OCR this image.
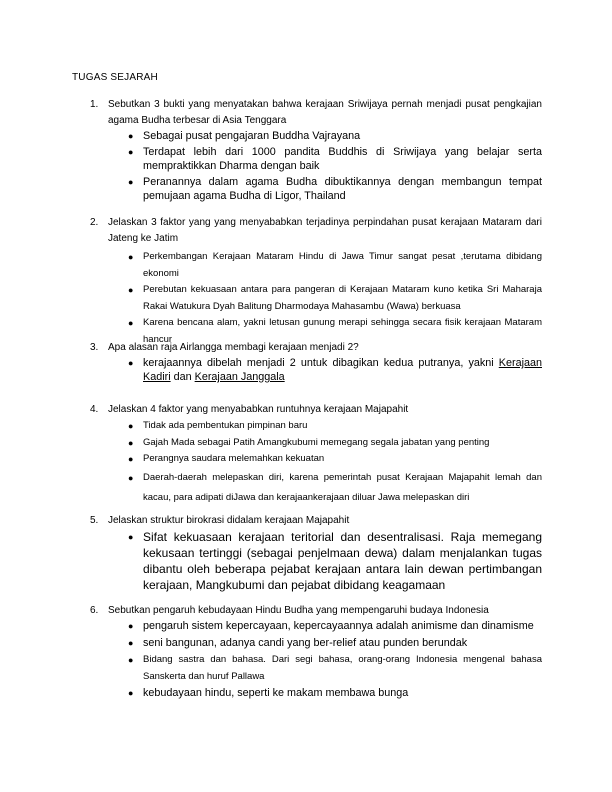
TUGAS SEJARAH
1. Sebutkan 3 bukti yang menyatakan bahwa kerajaan Sriwijaya pernah menjadi pusat pengkajian agama Budha terbesar di Asia Tenggara
● Sebagai pusat pengajaran Buddha Vajrayana
● Terdapat lebih dari 1000 pandita Buddhis di Sriwijaya yang belajar serta mempraktikkan Dharma dengan baik
● Peranannya dalam agama Budha dibuktikannya dengan membangun tempat pemujaan agama Budha di Ligor, Thailand
2. Jelaskan 3 faktor yang yang menyababkan terjadinya perpindahan pusat kerajaan Mataram dari Jateng ke Jatim
● Perkembangan Kerajaan Mataram Hindu di Jawa Timur sangat pesat ,terutama dibidang ekonomi
● Perebutan kekuasaan antara para pangeran di Kerajaan Mataram kuno ketika Sri Maharaja Rakai Watukura Dyah Balitung Dharmodaya Mahasambu (Wawa) berkuasa
● Karena bencana alam, yakni letusan gunung merapi sehingga secara fisik kerajaan Mataram hancur
3. Apa alasan raja Airlangga membagi kerajaan menjadi 2?
● kerajaannya dibelah menjadi 2 untuk dibagikan kedua putranya, yakni Kerajaan Kadiri dan Kerajaan Janggala
4. Jelaskan 4 faktor yang menyababkan runtuhnya kerajaan Majapahit
● Tidak ada pembentukan pimpinan baru
● Gajah Mada sebagai Patih Amangkubumi memegang segala jabatan yang penting
● Perangnya saudara melemahkan kekuatan
● Daerah-daerah melepaskan diri, karena pemerintah pusat Kerajaan Majapahit lemah dan kacau, para adipati diJawa dan kerajaankerajaan diluar Jawa melepaskan diri
5. Jelaskan struktur birokrasi didalam kerajaan Majapahit
● Sifat kekuasaan kerajaan teritorial dan desentralisasi. Raja memegang kekusaan tertinggi (sebagai penjelmaan dewa) dalam menjalankan tugas dibantu oleh beberapa pejabat kerajaan antara lain dewan pertimbangan kerajaan, Mangkubumi dan pejabat dibidang keagamaan
6. Sebutkan pengaruh kebudayaan Hindu Budha yang mempengaruhi budaya Indonesia
● pengaruh sistem kepercayaan, kepercayaannya adalah animisme dan dinamisme
● seni bangunan, adanya candi yang ber-relief atau punden berundak
● Bidang sastra dan bahasa. Dari segi bahasa, orang-orang Indonesia mengenal bahasa Sanskerta dan huruf Pallawa
● kebudayaan hindu, seperti ke makam membawa bunga
